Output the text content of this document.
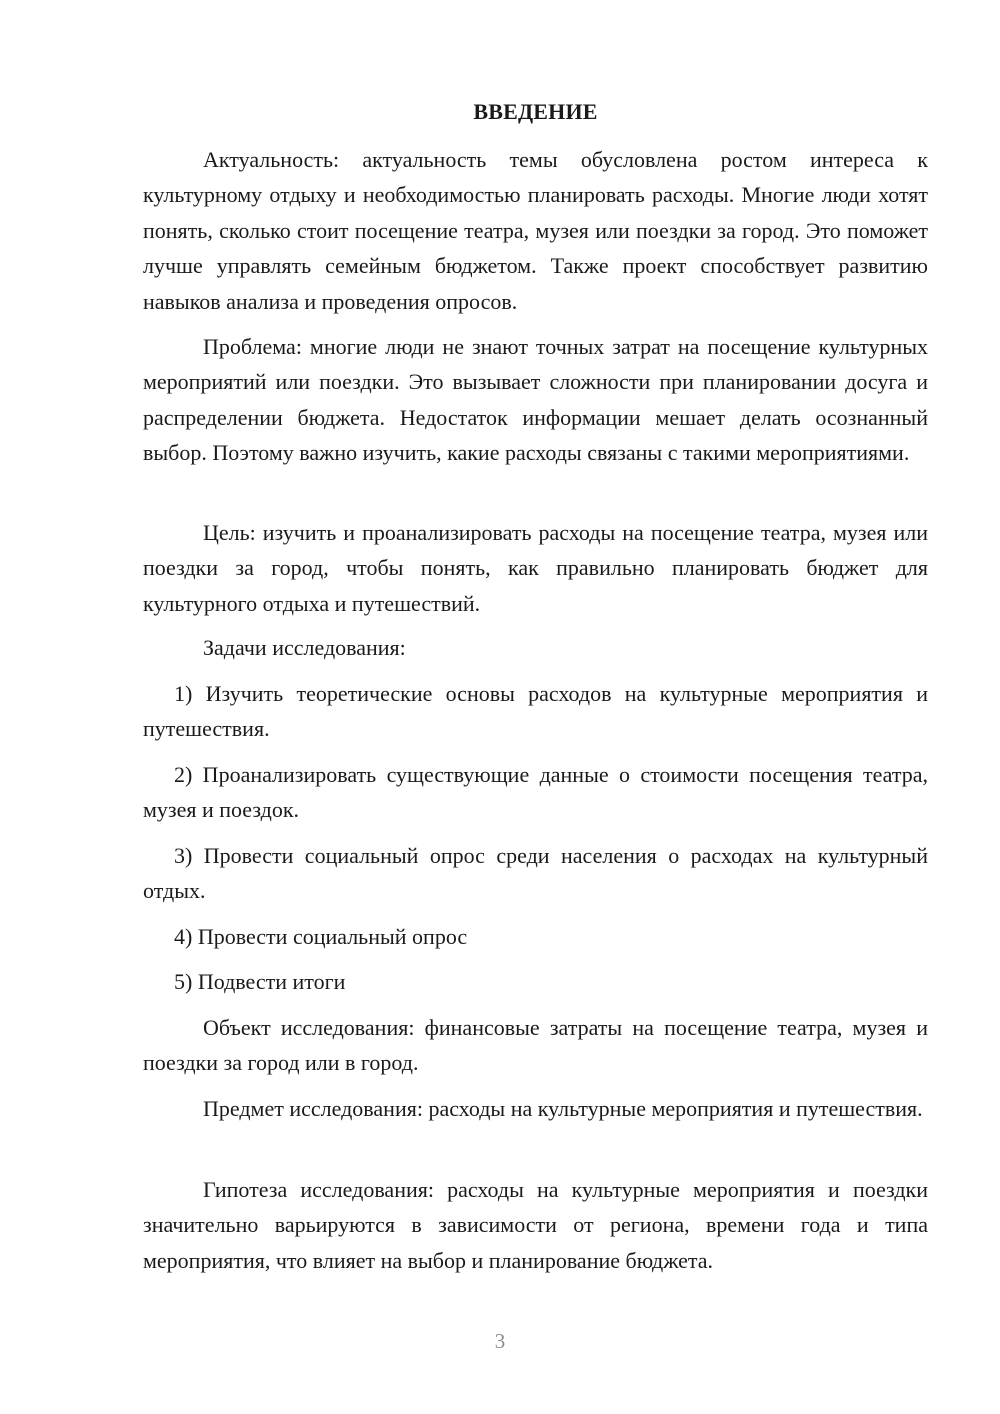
ВВЕДЕНИЕ

Актуальность: актуальность темы обусловлена ростом интереса к культурному отдыху и необходимостью планировать расходы. Многие люди хотят понять, сколько стоит посещение театра, музея или поездки за город. Это поможет лучше управлять семейным бюджетом. Также проект способствует развитию навыков анализа и проведения опросов.

Проблема: многие люди не знают точных затрат на посещение культурных мероприятий или поездки. Это вызывает сложности при планировании досуга и распределении бюджета. Недостаток информации мешает делать осознанный выбор. Поэтому важно изучить, какие расходы связаны с такими мероприятиями.

Цель: изучить и проанализировать расходы на посещение театра, музея или поездки за город, чтобы понять, как правильно планировать бюджет для культурного отдыха и путешествий.

Задачи исследования:

1) Изучить теоретические основы расходов на культурные мероприятия и путешествия.

2) Проанализировать существующие данные о стоимости посещения театра, музея и поездок.

3) Провести социальный опрос среди населения о расходах на культурный отдых.

4) Провести социальный опрос

5) Подвести итоги

Объект исследования: финансовые затраты на посещение театра, музея и поездки за город или в город.

Предмет исследования: расходы на культурные мероприятия и путешествия.

Гипотеза исследования: расходы на культурные мероприятия и поездки значительно варьируются в зависимости от региона, времени года и типа мероприятия, что влияет на выбор и планирование бюджета.

3
